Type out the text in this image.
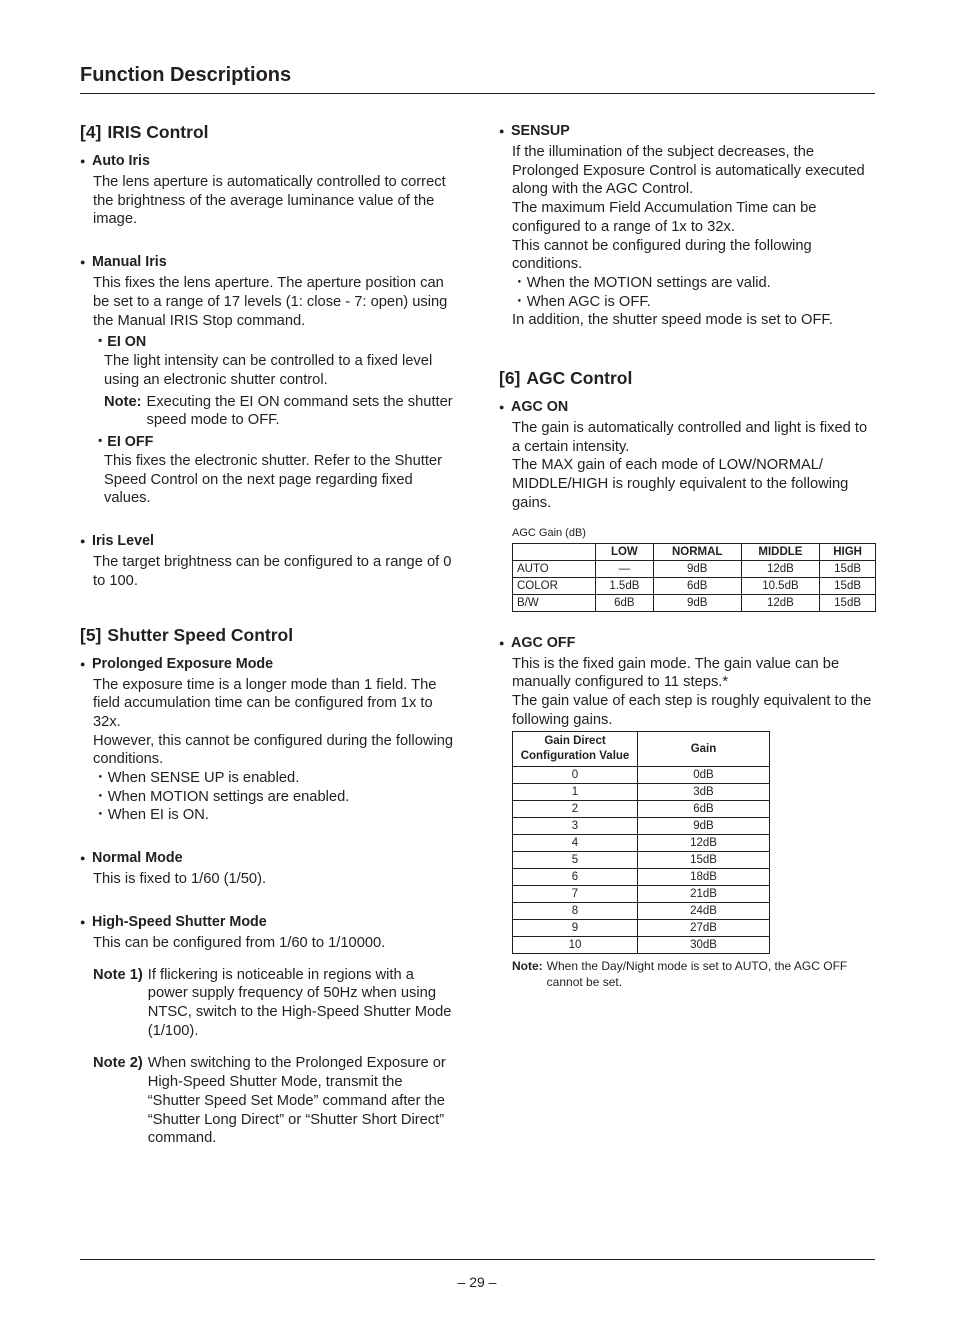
Function Descriptions
[4] IRIS Control
● Auto Iris

The lens aperture is automatically controlled to correct the brightness of the average luminance value of the image.

● Manual Iris

This fixes the lens aperture. The aperture position can be set to a range of 17 levels (1: close - 7: open) using the Manual IRIS Stop command.

・EI ON

The light intensity can be controlled to a fixed level using an electronic shutter control.

Note: Executing the EI ON command sets the shutter speed mode to OFF.
・EI OFF

This fixes the electronic shutter. Refer to the Shutter Speed Control on the next page regarding fixed values.

● Iris Level

The target brightness can be configured to a range of 0 to 100.

[5] Shutter Speed Control
● Prolonged Exposure Mode

The exposure time is a longer mode than 1 field. The field accumulation time can be configured from 1x to 32x.

However, this cannot be configured during the following conditions.

・When SENSE UP is enabled.

・When MOTION settings are enabled.

・When EI is ON.

● Normal Mode

This is fixed to 1/60 (1/50).

● High-Speed Shutter Mode

This can be configured from 1/60 to 1/10000.

Note 1) If flickering is noticeable in regions with a power supply frequency of 50Hz when using NTSC, switch to the High-Speed Shutter Mode (1/100).
Note 2) When switching to the Prolonged Exposure or High-Speed Shutter Mode, transmit the “Shutter Speed Set Mode” command after the “Shutter Long Direct” or “Shutter Short Direct” command.
● SENSUP

If the illumination of the subject decreases, the Prolonged Exposure Control is automatically executed along with the AGC Control.

The maximum Field Accumulation Time can be configured to a range of 1x to 32x.

This cannot be configured during the following conditions.

・When the MOTION settings are valid.

・When AGC is OFF.

In addition, the shutter speed mode is set to OFF.

[6] AGC Control
● AGC ON

The gain is automatically controlled and light is fixed to a certain intensity.

The MAX gain of each mode of LOW/NORMAL/ MIDDLE/HIGH is roughly equivalent to the following gains.

AGC Gain (dB)
	LOW	NORMAL	MIDDLE	HIGH
AUTO	—	9dB	12dB	15dB
COLOR	1.5dB	6dB	10.5dB	15dB
B/W	6dB	9dB	12dB	15dB
● AGC OFF

This is the fixed gain mode. The gain value can be manually configured to 11 steps.*

The gain value of each step is roughly equivalent to the following gains.

Gain Direct Configuration Value	Gain
0	0dB
1	3dB
2	6dB
3	9dB
4	12dB
5	15dB
6	18dB
7	21dB
8	24dB
9	27dB
10	30dB
Note: When the Day/Night mode is set to AUTO, the AGC OFF cannot be set.
– 29 –
